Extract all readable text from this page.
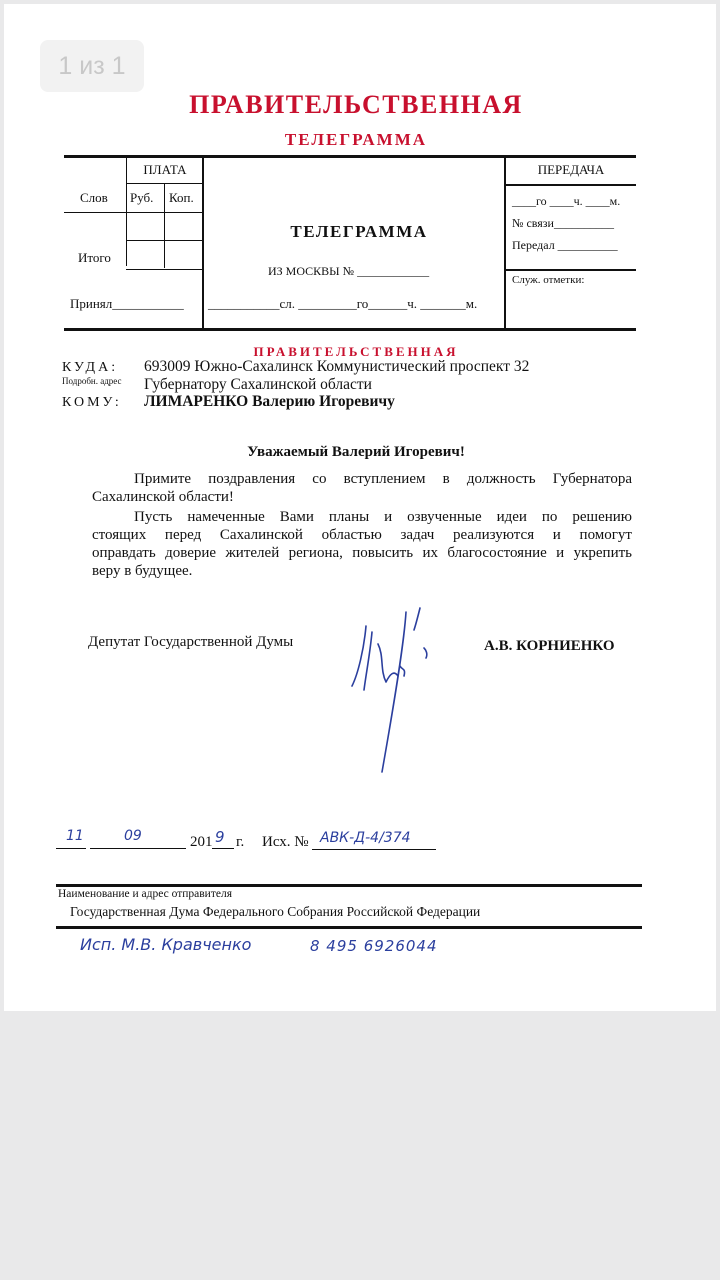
1 из 1
ПРАВИТЕЛЬСТВЕННАЯ
ТЕЛЕГРАММА
ПЛАТА
Слов Руб. Коп.
Итого
Принял___________
ТЕЛЕГРАММА
ИЗ МОСКВЫ № ____________
___________сл. _________го______ч. _______м.
ПЕРЕДАЧА
____го ____ч. ____м.
№ связи__________
Передал __________
Служ. отметки:
ПРАВИТЕЛЬСТВЕННАЯ
КУДА: 693009 Южно-Сахалинск Коммунистический проспект 32
Подробн. адрес Губернатору Сахалинской области
КОМУ: ЛИМАРЕНКО Валерию Игоревичу
Уважаемый Валерий Игоревич!
Примите поздравления со вступлением в должность Губернатора
Сахалинской области!
Пусть намеченные Вами планы и озвученные идеи по решению
стоящих перед Сахалинской областью задач реализуются и помогут
оправдать доверие жителей региона, повысить их благосостояние и укрепить
веру в будущее.
Депутат Государственной Думы	А.В. КОРНИЕНКО
11	09	201 9 г. Исх. № АВК-Д-4/374
Наименование и адрес отправителя
Государственная Дума Федерального Собрания Российской Федерации
Исп. М.В. Кравченко	8 495 6926044
